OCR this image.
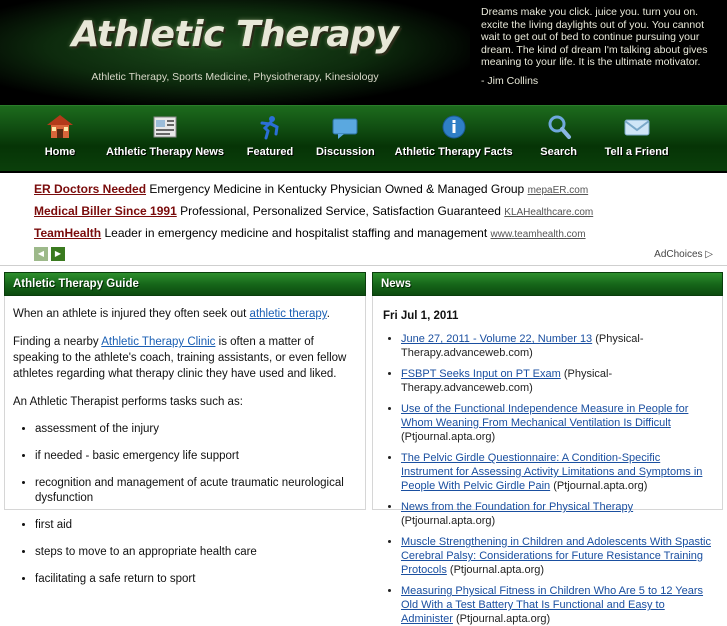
Athletic Therapy
Athletic Therapy, Sports Medicine, Physiotherapy, Kinesiology
Dreams make you click. juice you. turn you on. excite the living daylights out of you. You cannot wait to get out of bed to continue pursuing your dream. The kind of dream I'm talking about gives meaning to your life. It is the ultimate motivator.
- Jim Collins
Home	Athletic Therapy News Featured Discussion Athletic Therapy Facts	Search	Tell a Friend
ER Doctors Needed Emergency Medicine in Kentucky Physician Owned & Managed Group mepaER.com
Medical Biller Since 1991 Professional, Personalized Service, Satisfaction Guaranteed KLAHealthcare.com
TeamHealth Leader in emergency medicine and hospitalist staffing and management www.teamhealth.com
◀	▶	AdChoices ▷
Athletic Therapy Guide

When an athlete is injured they often seek out athletic therapy.

Finding a nearby Athletic Therapy Clinic is often a matter of speaking to the athlete's coach, training assistants, or even fellow athletes regarding what therapy clinic they have used and liked.

An Athletic Therapist performs tasks such as:

• assessment of the injury
• if needed - basic emergency life support
• recognition and management of acute traumatic neurological dysfunction
• first aid
• steps to move to an appropriate health care
• facilitating a safe return to sport
News
Fri Jul 1, 2011
• June 27, 2011 - Volume 22, Number 13 (Physical-Therapy.advanceweb.com)
• FSBPT Seeks Input on PT Exam (Physical-Therapy.advanceweb.com)
• Use of the Functional Independence Measure in People for Whom Weaning From Mechanical Ventilation Is Difficult (Ptjournal.apta.org)
• The Pelvic Girdle Questionnaire: A Condition-Specific Instrument for Assessing Activity Limitations and Symptoms in People With Pelvic Girdle Pain (Ptjournal.apta.org)
• News from the Foundation for Physical Therapy (Ptjournal.apta.org)
• Muscle Strengthening in Children and Adolescents With Spastic Cerebral Palsy: Considerations for Future Resistance Training Protocols (Ptjournal.apta.org)
• Measuring Physical Fitness in Children Who Are 5 to 12 Years Old With a Test Battery That Is Functional and Easy to Administer (Ptjournal.apta.org)
